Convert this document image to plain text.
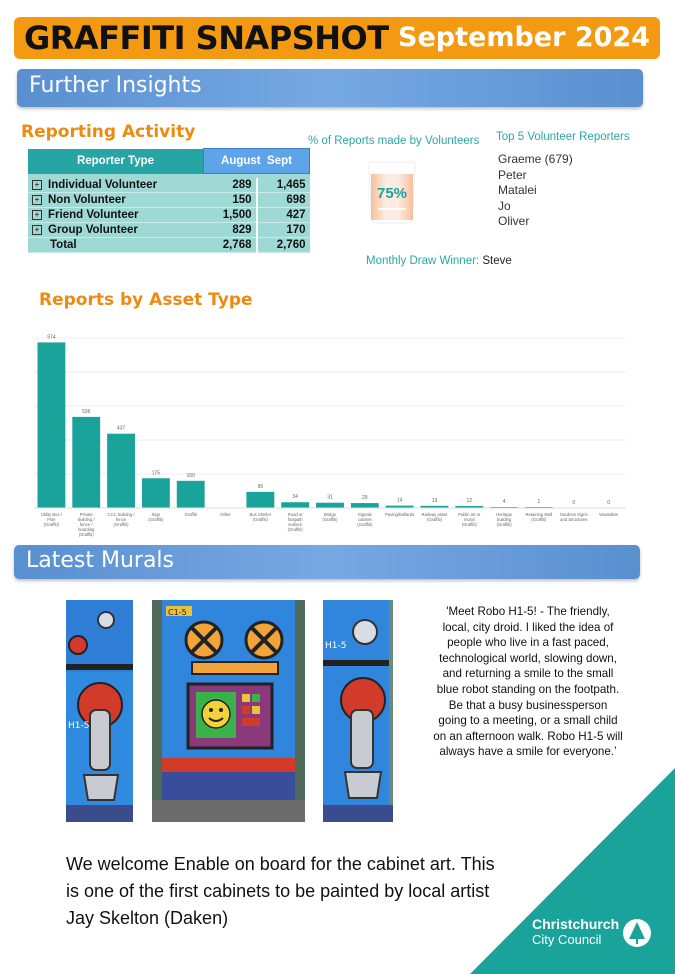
GRAFFITI SNAPSHOT September 2024
Further Insights
Reporting Activity
Reporter Type	August Sept	

+ Individual Volunteer	289	1,465
+ Non Volunteer	150	698
+ Friend Volunteer	1,500	427
+ Group Volunteer	829	170
Total	2,768	2,760
% of Reports made by Volunteers
75%
Top 5 Volunteer Reporters
Graeme (679)
Peter
Matalei
Jo
Oliver
Monthly Draw Winner: Steve
Reports by Asset Type
974
Utility Box / Pole (Graffiti)
536
Private building / fence / hoarding (Graffiti)
437
CCC building / fence (Graffiti)
175
Sign (Graffiti)
160
Graffiti	Other
95
Bus Shelter (Graffiti)
34
Road or footpath surface (Graffiti)
31
Bridge (Graffiti)
29
Signals cabinet (Graffiti)
14
Paving/Bollards
13
Railway asset (Graffiti)
12
Public art or mural (Graffiti)
4
Heritage building (Graffiti)
1
Retaining Wall (Graffiti)
0
Gardens Signs and Structures
0
Vandalism
Latest Murals
H1-5
C1-5
H1-5
'Meet Robo H1-5! - The friendly, local, city droid. I liked the idea of people who live in a fast paced, technological world, slowing down, and returning a smile to the small blue robot standing on the footpath. Be that a busy businessperson going to a meeting, or a small child on an afternoon walk. Robo H1-5 will always have a smile for everyone.’
We welcome Enable on board for the cabinet art. This is one of the first cabinets to be painted by local artist Jay Skelton (Daken)	Christchurch
City Council
